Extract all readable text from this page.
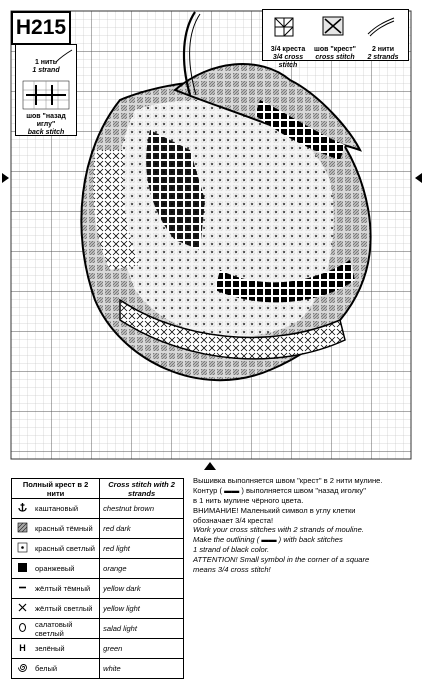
H215
3/4 креста
3/4 cross stitch
шов "крест"
cross stitch
2 нити
2 strands
1 нить
1 strand
шов "назад иглу"
back stitch
Полный крест в 2 нити		Cross stitch with 2 strands
	каштановый	chestnut brown
	красный тёмный	red dark
	красный светлый	red light
	оранжевый	orange
	жёлтый тёмный	yellow dark
	жёлтый светлый	yellow light
	салатовый светлый	salad light

H	зелёный	green
	белый	white

Вышивка выполняется швом "крест" в 2 нити мулине.

Контур ( ▬▬ ) выполняется швом "назад иголку"

в 1 нить мулине чёрного цвета.

ВНИМАНИЕ! Маленький символ в углу клетки

обозначает 3/4 креста!

Work your cross stitches with 2 strands of mouline.

Make the outlining ( ▬▬ ) with back stitches

1 strand of black color.

ATTENTION! Small symbol in the corner of a square

means 3/4 cross stitch!
